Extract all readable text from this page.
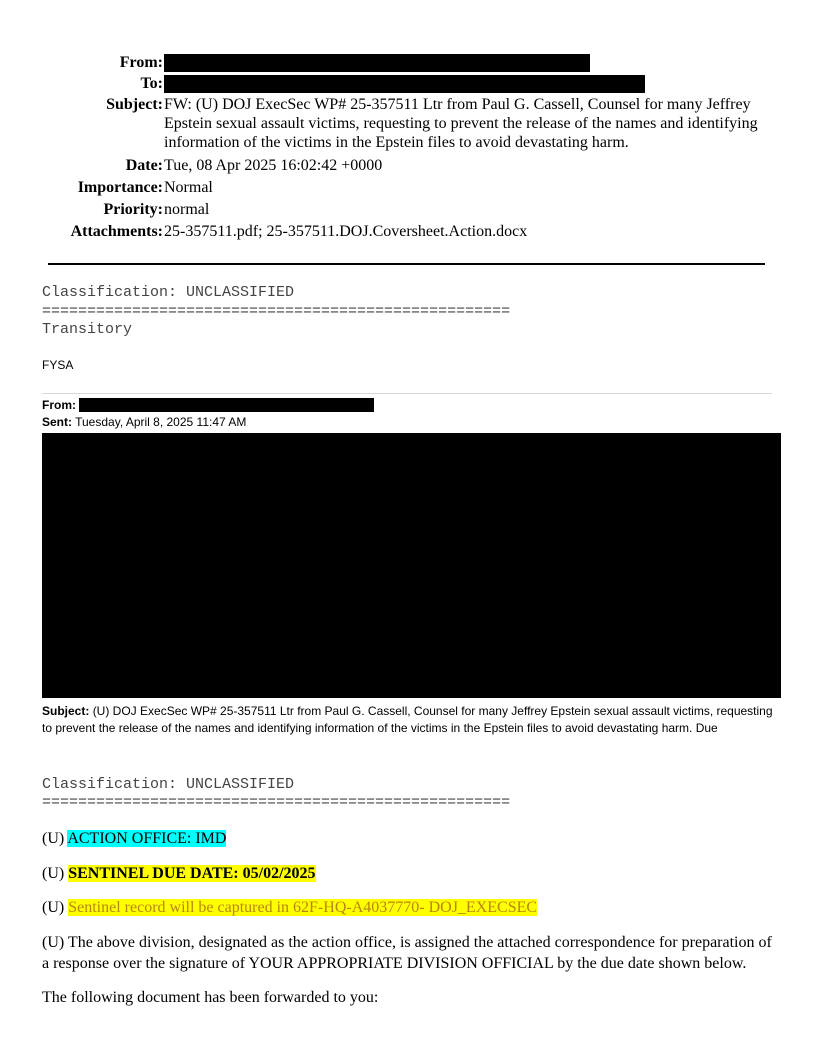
From:
To:
Subject: FW: (U) DOJ ExecSec WP# 25-357511 Ltr from Paul G. Cassell, Counsel for many Jeffrey Epstein sexual assault victims, requesting to prevent the release of the names and identifying information of the victims in the Epstein files to avoid devastating harm.
Date: Tue, 08 Apr 2025 16:02:42 +0000
Importance: Normal
Priority: normal
Attachments: 25-357511.pdf; 25-357511.DOJ.Coversheet.Action.docx
Classification: UNCLASSIFIED
====================================================
Transitory
FYSA
From:
Sent: Tuesday, April 8, 2025 11:47 AM
Subject: (U) DOJ ExecSec WP# 25-357511 Ltr from Paul G. Cassell, Counsel for many Jeffrey Epstein sexual assault victims, requesting to prevent the release of the names and identifying information of the victims in the Epstein files to avoid devastating harm. Due
Classification: UNCLASSIFIED
====================================================
(U) ACTION OFFICE: IMD
(U) SENTINEL DUE DATE: 05/02/2025
(U) Sentinel record will be captured in 62F-HQ-A4037770- DOJ_EXECSEC
(U) The above division, designated as the action office, is assigned the attached correspondence for preparation of a response over the signature of YOUR APPROPRIATE DIVISION OFFICIAL by the due date shown below.
The following document has been forwarded to you:
